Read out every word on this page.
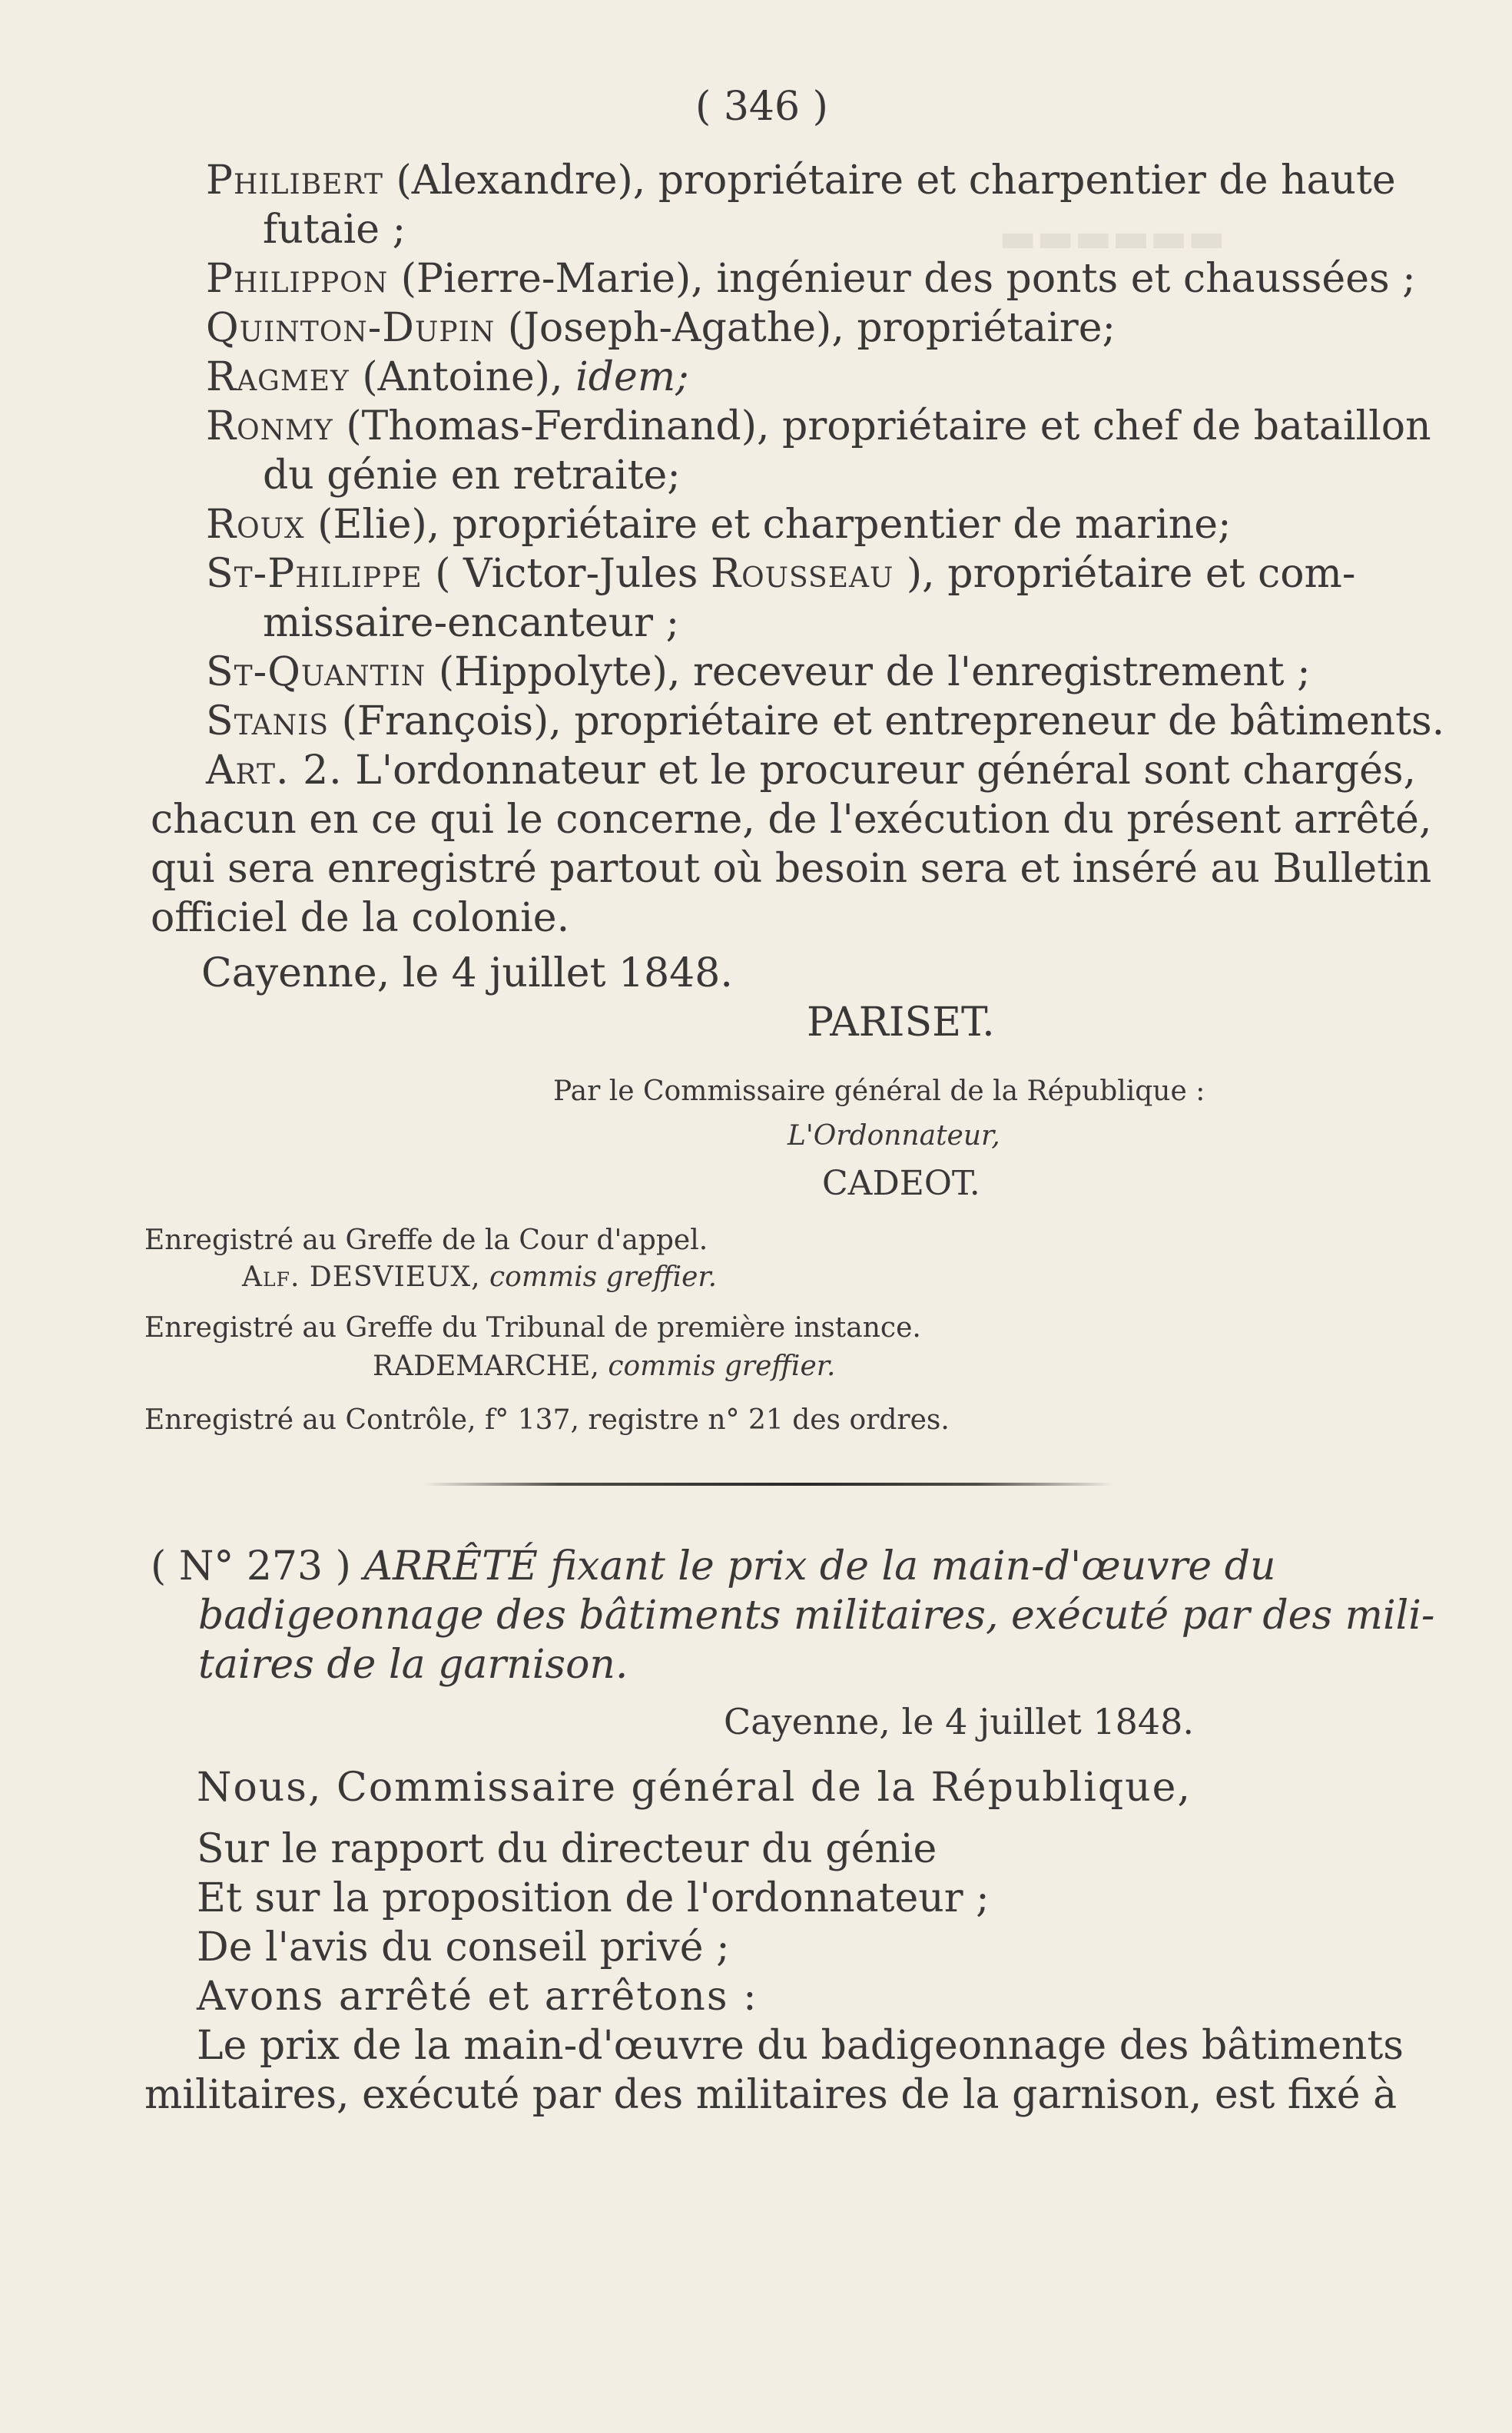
▬▬▬▬▬▬
( 346 )
Philibert (Alexandre), propriétaire et charpentier de haute
futaie ;
Philippon (Pierre-Marie), ingénieur des ponts et chaussées ;
Quinton-Dupin (Joseph-Agathe), propriétaire;
Ragmey (Antoine), idem;
Ronmy (Thomas-Ferdinand), propriétaire et chef de bataillon
du génie en retraite;
Roux (Elie), propriétaire et charpentier de marine;
St-Philippe ( Victor-Jules Rousseau ), propriétaire et com-
missaire-encanteur ;
St-Quantin (Hippolyte), receveur de l'enregistrement ;
Stanis (François), propriétaire et entrepreneur de bâtiments.
Art. 2. L'ordonnateur et le procureur général sont chargés,
chacun en ce qui le concerne, de l'exécution du présent arrêté,
qui sera enregistré partout où besoin sera et inséré au Bulletin
officiel de la colonie.
Cayenne, le 4 juillet 1848.
PARISET.
Par le Commissaire général de la République :
L'Ordonnateur,
CADEOT.
Enregistré au Greffe de la Cour d'appel.
Alf. DESVIEUX, commis greffier.
Enregistré au Greffe du Tribunal de première instance.
RADEMARCHE, commis greffier.
Enregistré au Contrôle, f° 137, registre n° 21 des ordres.
( N° 273 ) ARRÊTÉ fixant le prix de la main-d'œuvre du
badigeonnage des bâtiments militaires, exécuté par des mili-
taires de la garnison.
Cayenne, le 4 juillet 1848.
Nous, Commissaire général de la République,
Sur le rapport du directeur du génie
Et sur la proposition de l'ordonnateur ;
De l'avis du conseil privé ;
Avons arrêté et arrêtons :
Le prix de la main-d'œuvre du badigeonnage des bâtiments
militaires, exécuté par des militaires de la garnison, est fixé à
